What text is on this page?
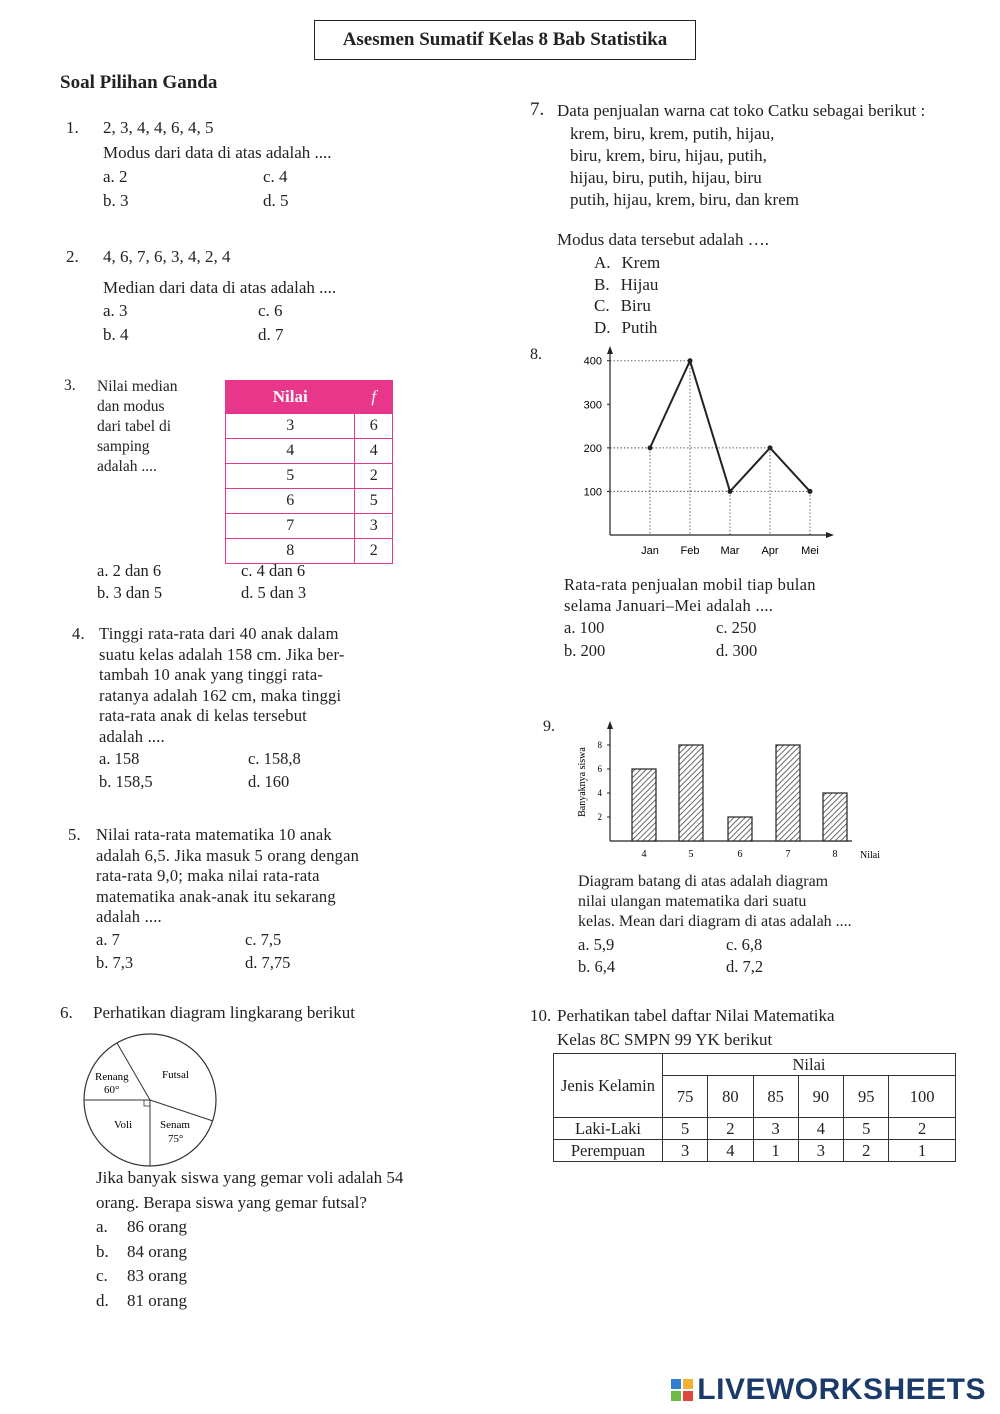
Asesmen Sumatif Kelas 8 Bab Statistika
Soal Pilihan Ganda
1. 2, 3, 4, 4, 6, 4, 5
Modus dari data di atas adalah ....
a. 2
b. 3
c. 4
d. 5
2. 4, 6, 7, 6, 3, 4, 2, 4
Median dari data di atas adalah ....
a. 3
b. 4
c. 6
d. 7
3. Nilai median
dan modus
dari tabel di
samping
adalah ....
Nilai	f
3	6
4	4
5	2
6	5
7	3
8	2
a. 2 dan 6
b. 3 dan 5
c. 4 dan 6
d. 5 dan 3
4. Tinggi rata-rata dari 40 anak dalam
suatu kelas adalah 158 cm. Jika ber-
tambah 10 anak yang tinggi rata-
ratanya adalah 162 cm, maka tinggi
rata-rata anak di kelas tersebut
adalah ....
a. 158
b. 158,5
c. 158,8
d. 160
5. Nilai rata-rata matematika 10 anak
adalah 6,5. Jika masuk 5 orang dengan
rata-rata 9,0; maka nilai rata-rata
matematika anak-anak itu sekarang
adalah ....
a. 7
b. 7,3
c. 7,5
d. 7,75
6. Perhatikan diagram lingkarang berikut
Renang
60°
Futsal
Voli	Senam
75°
Jika banyak siswa yang gemar voli adalah 54
orang. Berapa siswa yang gemar futsal?
a. 86 orang
b. 84 orang
c. 83 orang
d. 81 orang
7. Data penjualan warna cat toko Catku sebagai berikut :
krem, biru, krem, putih, hijau,
biru, krem, biru, hijau, putih,
hijau, biru, putih, hijau, biru
putih, hijau, krem, biru, dan krem
Modus data tersebut adalah ….
A. Krem
B. Hijau
C. Biru
D. Putih
8.
100
200
300
400
Jan Feb Mar Apr Mei
Rata-rata penjualan mobil tiap bulan
selama Januari–Mei adalah ....
a. 100
b. 200
c. 250
d. 300
9.
2
4
6
8
4	5	6	7	8 Nilai
Banyaknya siswa
Diagram batang di atas adalah diagram
nilai ulangan matematika dari suatu
kelas. Mean dari diagram di atas adalah ....
a. 5,9
b. 6,4
c. 6,8
d. 7,2
10. Perhatikan tabel daftar Nilai Matematika
Kelas 8C SMPN 99 YK berikut
Jenis Kelamin	Nilai					
	75	80	85	90	95	100
Laki-Laki	5	2	3	4	5	2
Perempuan	3	4	1	3	2	1
LIVEWORKSHEETS
